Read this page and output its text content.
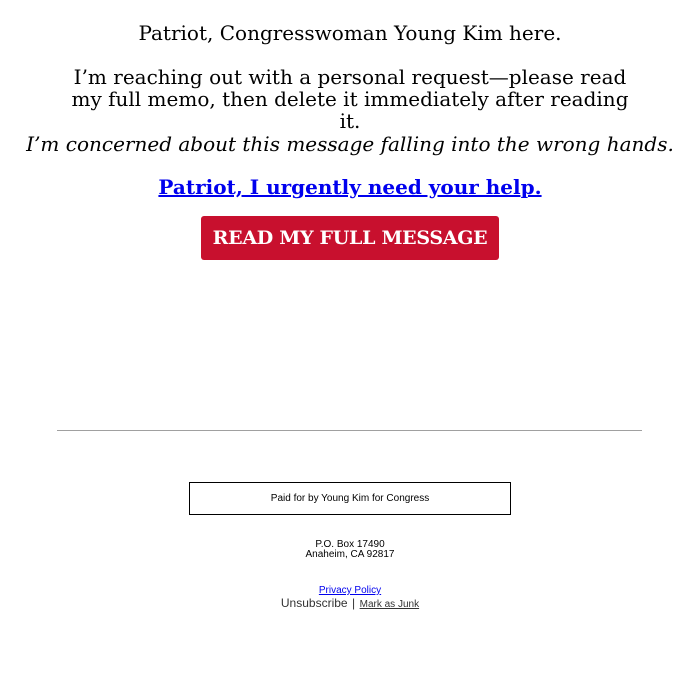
Patriot, Congresswoman Young Kim here.
I’m reaching out with a personal request—please read my full memo, then delete it immediately after reading it.
I’m concerned about this message falling into the wrong hands.
Patriot, I urgently need your help.
READ MY FULL MESSAGE
Paid for by Young Kim for Congress
P.O. Box 17490
Anaheim, CA 92817
Privacy Policy
Unsubscribe | Mark as Junk
